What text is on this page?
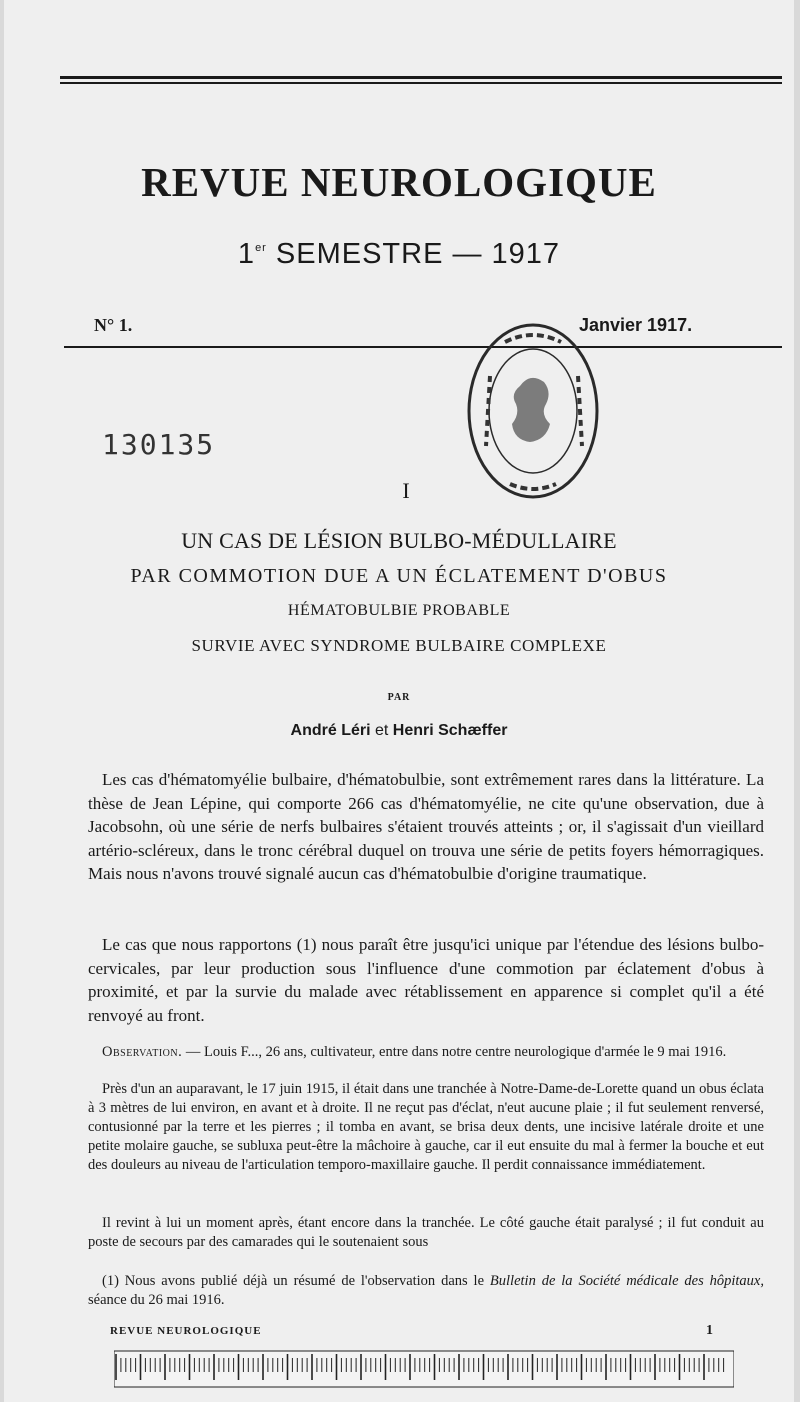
REVUE NEUROLOGIQUE
1er SEMESTRE — 1917
N° 1.	Janvier 1917.
130135
I
UN CAS DE LÉSION BULBO-MÉDULLAIRE
PAR COMMOTION DUE A UN ÉCLATEMENT D'OBUS
HÉMATOBULBIE PROBABLE
SURVIE AVEC SYNDROME BULBAIRE COMPLEXE
PAR
André Léri et Henri Schæffer

Les cas d'hématomyélie bulbaire, d'hématobulbie, sont extrêmement rares dans la littérature. La thèse de Jean Lépine, qui comporte 266 cas d'hématomyélie, ne cite qu'une observation, due à Jacobsohn, où une série de nerfs bulbaires s'étaient trouvés atteints ; or, il s'agissait d'un vieillard artério-scléreux, dans le tronc cérébral duquel on trouva une série de petits foyers hémorragiques. Mais nous n'avons trouvé signalé aucun cas d'hématobulbie d'origine traumatique.

Le cas que nous rapportons (1) nous paraît être jusqu'ici unique par l'étendue des lésions bulbo-cervicales, par leur production sous l'influence d'une commotion par éclatement d'obus à proximité, et par la survie du malade avec rétablissement en apparence si complet qu'il a été renvoyé au front.

Observation. — Louis F..., 26 ans, cultivateur, entre dans notre centre neurologique d'armée le 9 mai 1916.

Près d'un an auparavant, le 17 juin 1915, il était dans une tranchée à Notre-Dame-de-Lorette quand un obus éclata à 3 mètres de lui environ, en avant et à droite. Il ne reçut pas d'éclat, n'eut aucune plaie ; il fut seulement renversé, contusionné par la terre et les pierres ; il tomba en avant, se brisa deux dents, une incisive latérale droite et une petite molaire gauche, se subluxa peut-être la mâchoire à gauche, car il eut ensuite du mal à fermer la bouche et eut des douleurs au niveau de l'articulation temporo-maxillaire gauche. Il perdit connaissance immédiatement.

Il revint à lui un moment après, étant encore dans la tranchée. Le côté gauche était paralysé ; il fut conduit au poste de secours par des camarades qui le soutenaient sous

(1) Nous avons publié déjà un résumé de l'observation dans le Bulletin de la Société médicale des hôpitaux, séance du 26 mai 1916.

REVUE NEUROLOGIQUE	1
